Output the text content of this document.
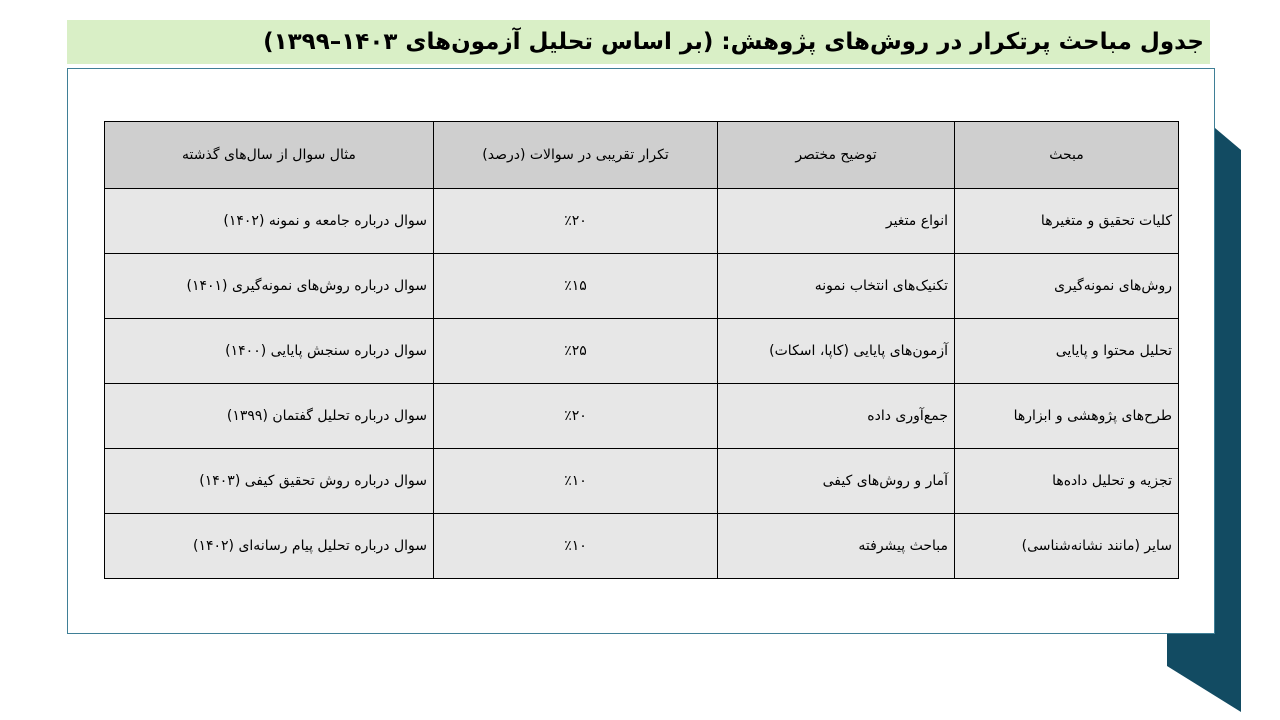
جدول مباحث پرتکرار در روش‌های پژوهش: (بر اساس تحلیل آزمون‌های ۱۴۰۳–۱۳۹۹)
مبحث	توضیح مختصر	تکرار تقریبی در سوالات (درصد)	مثال سوال از سال‌های گذشته
کلیات تحقیق و متغیرها	انواع متغیر	٪۲۰	سوال درباره جامعه و نمونه (۱۴۰۲)
روش‌های نمونه‌گیری	تکنیک‌های انتخاب نمونه	٪۱۵	سوال درباره روش‌های نمونه‌گیری (۱۴۰۱)
تحلیل محتوا و پایایی	آزمون‌های پایایی (کاپا، اسکات)	٪۲۵	سوال درباره سنجش پایایی (۱۴۰۰)
طرح‌های پژوهشی و ابزارها	جمع‌آوری داده	٪۲۰	سوال درباره تحلیل گفتمان (۱۳۹۹)
تجزیه و تحلیل داده‌ها	آمار و روش‌های کیفی	٪۱۰	سوال درباره روش تحقیق کیفی (۱۴۰۳)
سایر (مانند نشانه‌شناسی)	مباحث پیشرفته	٪۱۰	سوال درباره تحلیل پیام رسانه‌ای (۱۴۰۲)
